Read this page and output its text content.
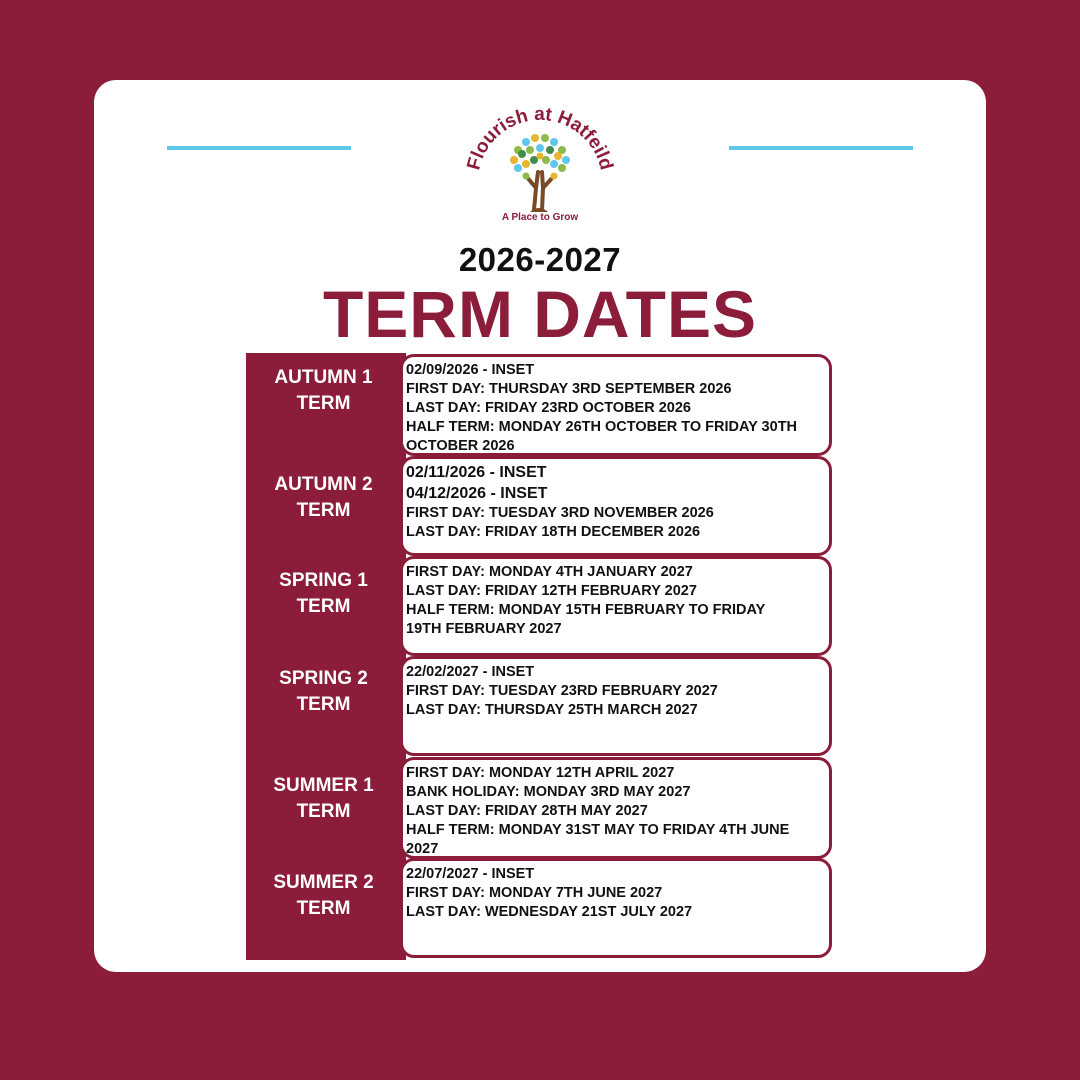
Flourish at Hatfeild
A Place to Grow
2026-2027
TERM DATES
AUTUMN 1
TERM
02/09/2026 - INSET
FIRST DAY: THURSDAY 3RD SEPTEMBER 2026
LAST DAY: FRIDAY 23RD OCTOBER 2026
HALF TERM: MONDAY 26TH OCTOBER TO FRIDAY 30TH
OCTOBER 2026
AUTUMN 2
TERM
02/11/2026 - INSET
04/12/2026 - INSET
FIRST DAY: TUESDAY 3RD NOVEMBER 2026
LAST DAY: FRIDAY 18TH DECEMBER 2026
SPRING 1
TERM
FIRST DAY: MONDAY 4TH JANUARY 2027
LAST DAY: FRIDAY 12TH FEBRUARY 2027
HALF TERM: MONDAY 15TH FEBRUARY TO FRIDAY
19TH FEBRUARY 2027
SPRING 2
TERM
22/02/2027 - INSET
FIRST DAY: TUESDAY 23RD FEBRUARY 2027
LAST DAY: THURSDAY 25TH MARCH 2027
SUMMER 1
TERM
FIRST DAY: MONDAY 12TH APRIL 2027
BANK HOLIDAY: MONDAY 3RD MAY 2027
LAST DAY: FRIDAY 28TH MAY 2027
HALF TERM: MONDAY 31ST MAY TO FRIDAY 4TH JUNE
2027
SUMMER 2
TERM
22/07/2027 - INSET
FIRST DAY: MONDAY 7TH JUNE 2027
LAST DAY: WEDNESDAY 21ST JULY 2027
